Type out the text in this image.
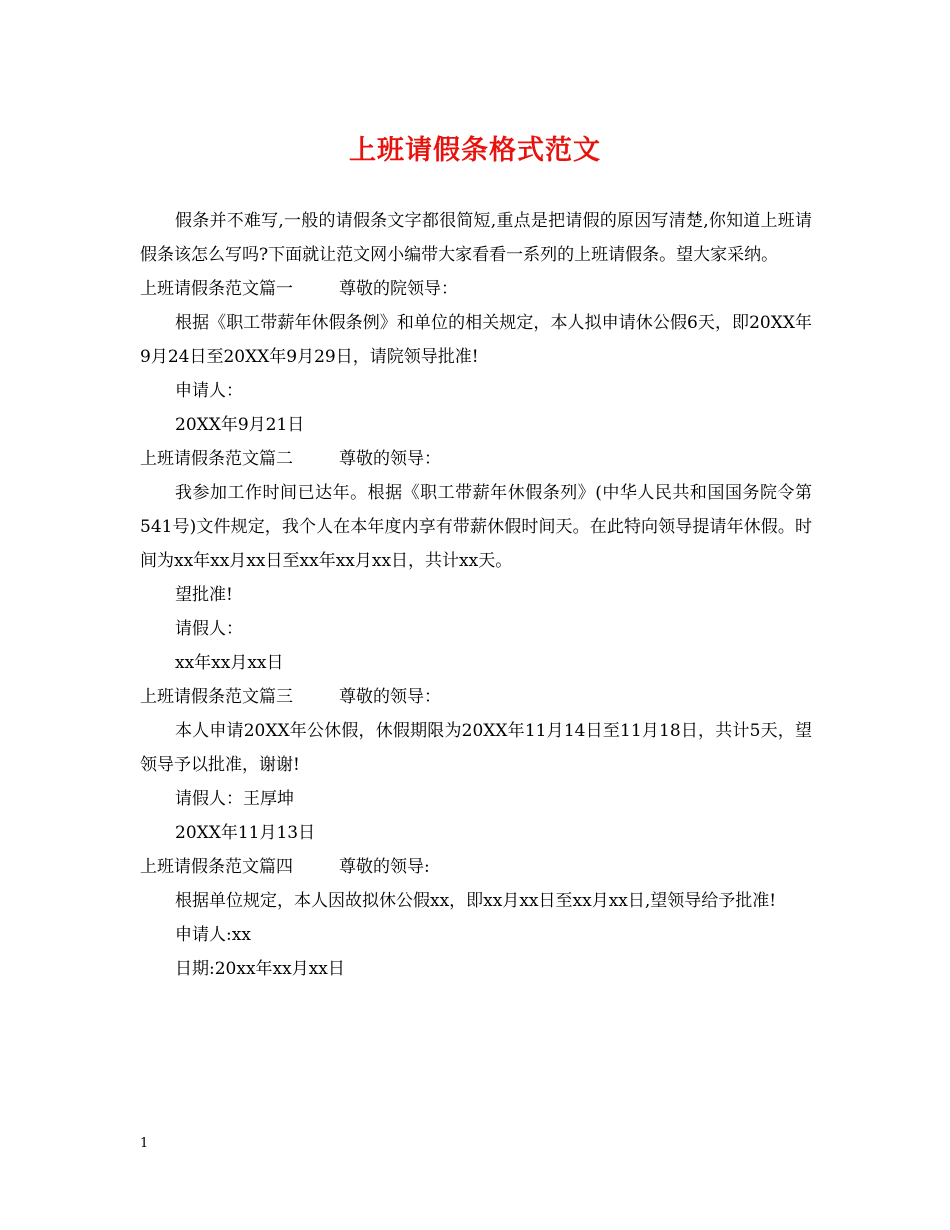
上班请假条格式范文

假条并不难写,一般的请假条文字都很简短,重点是把请假的原因写清楚,你知道上班请假条该怎么写吗?下面就让范文网小编带大家看看一系列的上班请假条。望大家采纳。

上班请假条范文篇一	尊敬的院领导：

根据《职工带薪年休假条例》和单位的相关规定，本人拟申请休公假6天，即20XX年9月24日至20XX年9月29日，请院领导批准!

申请人：

20XX年9月21日

上班请假条范文篇二	尊敬的领导：

我参加工作时间已达年。根据《职工带薪年休假条列》(中华人民共和国国务院令第541号)文件规定，我个人在本年度内享有带薪休假时间天。在此特向领导提请年休假。时间为xx年xx月xx日至xx年xx月xx日，共计xx天。

望批准!

请假人：

xx年xx月xx日

上班请假条范文篇三	尊敬的领导：

本人申请20XX年公休假，休假期限为20XX年11月14日至11月18日，共计5天，望领导予以批准，谢谢!

请假人：王厚坤

20XX年11月13日

上班请假条范文篇四	尊敬的领导:

根据单位规定，本人因故拟休公假xx，即xx月xx日至xx月xx日,望领导给予批准!

申请人:xx

日期:20xx年xx月xx日

1
